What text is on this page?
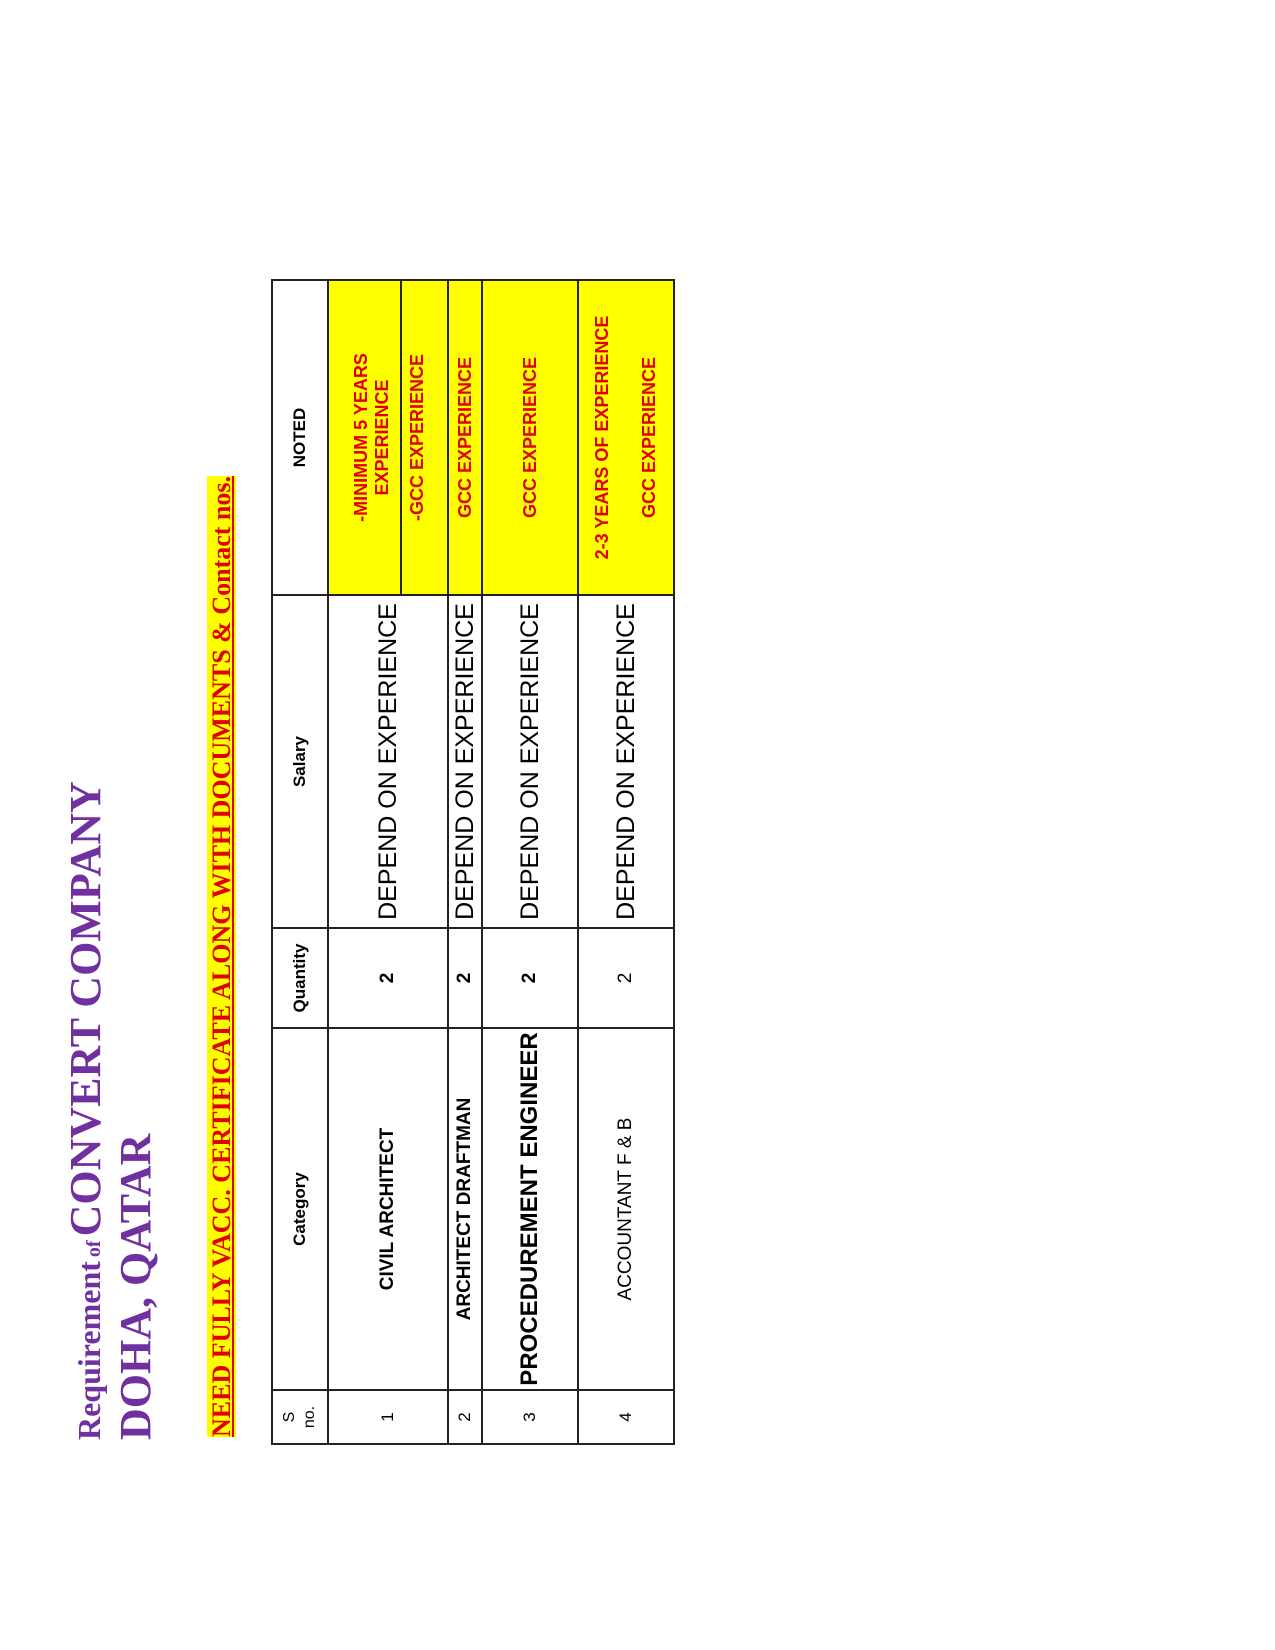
Requirement of CONVERT COMPANY
DOHA, QATAR NEED FULLY VACC. CERTIFICATE ALONG WITH DOCUMENTS & Contact nos.
S no.	Category	Quantity	Salary	NOTED
1	CIVIL ARCHITECT	2	DEPEND ON EXPERIENCE	-MINIMUM 5 YEARS EXPERIENCE -GCC EXPERIENCE

2	ARCHITECT DRAFTMAN	2	DEPEND ON EXPERIENCE	GCC EXPERIENCE
3	PROCEDUREMENT ENGINEER	2	DEPEND ON EXPERIENCE	GCC EXPERIENCE
4	ACCOUNTANT F & B	2	DEPEND ON EXPERIENCE	2-3 YEARS OF EXPERIENCE GCC EXPERIENCE
